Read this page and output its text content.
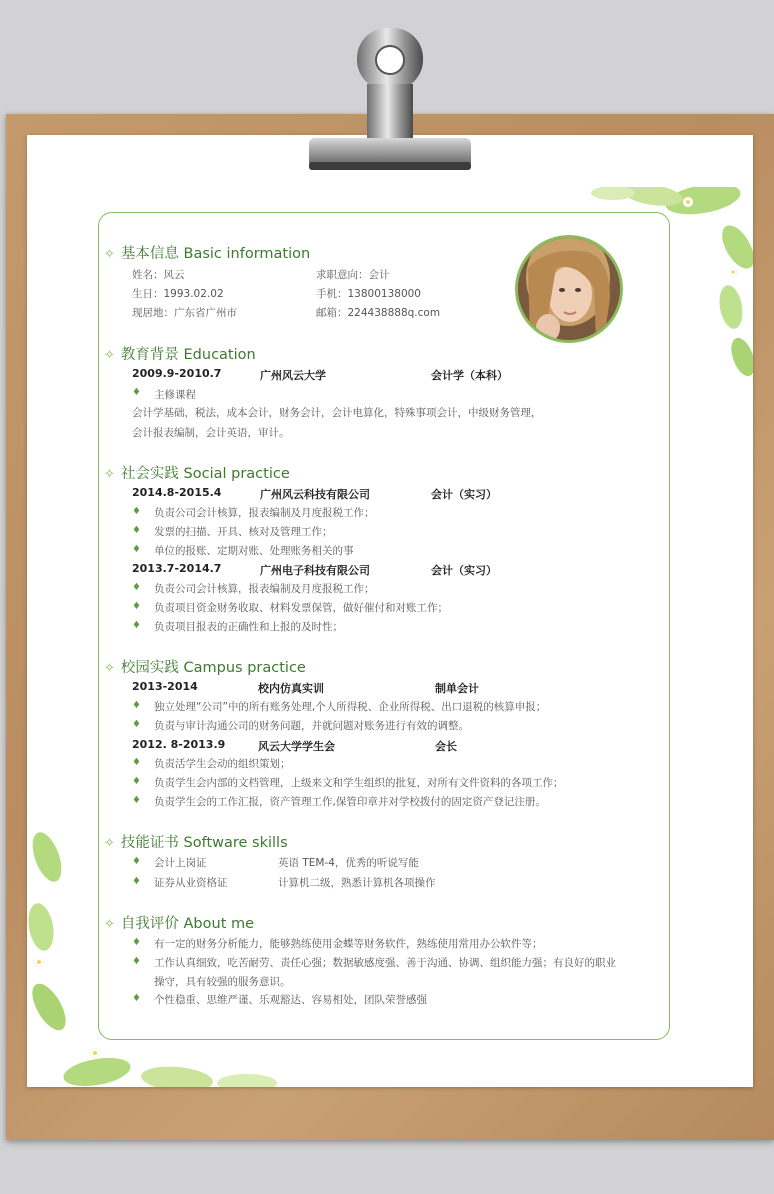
✧ 基本信息 Basic information
姓名：风云	求职意向：会计
生日：1993.02.02	手机：13800138000
现居地：广东省广州市	邮箱：224438888q.com
✧ 教育背景 Education
2009.9-2010.7	广州风云大学	会计学（本科）
♦ 主修课程
会计学基础，税法，成本会计，财务会计，会计电算化，特殊事项会计，中级财务管理，
会计报表编制，会计英语，审计。
✧ 社会实践 Social practice
2014.8-2015.4	广州风云科技有限公司	会计（实习）
♦ 负责公司会计核算，报表编制及月度报税工作；
♦ 发票的扫描、开具、核对及管理工作；
♦ 单位的报账、定期对账、处理账务相关的事
2013.7-2014.7	广州电子科技有限公司	会计（实习）
♦ 负责公司会计核算，报表编制及月度报税工作；
♦ 负责项目资金财务收取、材料发票保管，做好催付和对账工作；
♦ 负责项目报表的正确性和上报的及时性；
✧ 校园实践 Campus practice
2013-2014	校内仿真实训	制单会计
♦ 独立处理“公司”中的所有账务处理,个人所得税、企业所得税、出口退税的核算申报；
♦ 负责与审计沟通公司的财务问题，并就问题对账务进行有效的调整。
2012. 8-2013.9	风云大学学生会	会长
♦ 负责活学生会动的组织策划；
♦ 负责学生会内部的文档管理，上级来文和学生组织的批复，对所有文件资料的各项工作；
♦ 负责学生会的工作汇报，资产管理工作,保管印章并对学校拨付的固定资产登记注册。
✧ 技能证书 Software skills
♦ 会计上岗证	英语 TEM-4，优秀的听说写能
♦ 证券从业资格证	计算机二级，熟悉计算机各项操作
✧ 自我评价 About me
♦ 有一定的财务分析能力，能够熟练使用金蝶等财务软件，熟练使用常用办公软件等；
♦ 工作认真细致，吃苦耐劳、责任心强；数据敏感度强、善于沟通、协调、组织能力强；有良好的职业
操守，具有较强的服务意识。
♦ 个性稳重、思维严谨、乐观豁达、容易相处，团队荣誉感强
